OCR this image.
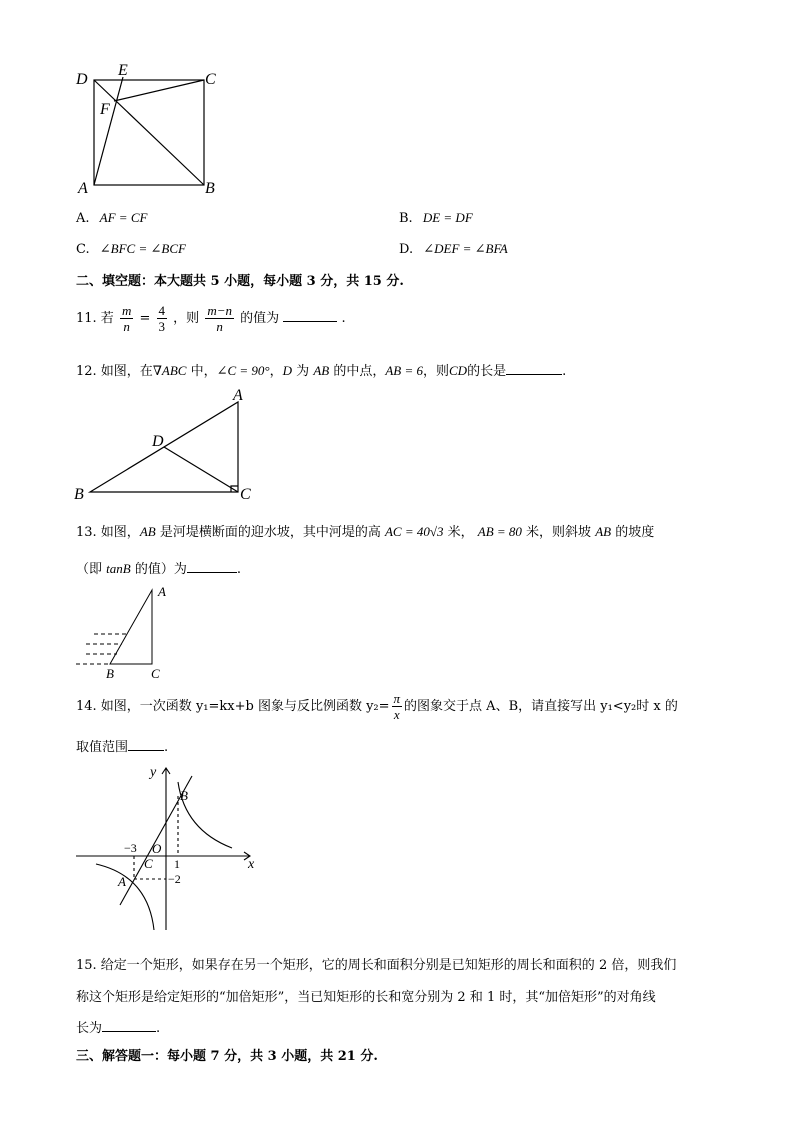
D
E
C
F
A	B
A. AF = CF	B. DE = DF
C. ∠BFC = ∠BCF	D. ∠DEF = ∠BFA
二、填空题：本大题共 5 小题，每小题 3 分，共 15 分.
11. 若 $\frac{m}{n} = \frac{4}{3}$ ，则 $\frac{m-n}{n}$ 的值为	.
12. 如图，在∇ABC 中，∠C = 90°，D 为 AB 的中点，AB = 6，则CD的长是	.
A
D
B	C
13. 如图，AB 是河堤横断面的迎水坡，其中河堤的高 AC = 40√3 米， AB = 80 米，则斜坡 AB 的坡度
（即 tanB 的值）为	.
A
B	C
14. 如图，一次函数 y₁=kx+b 图象与反比例函数 $y_2= \frac{\pi}{x}$ 的图象交于点 A、B，请直接写出 y₁<y₂时 x 的
取值范围	.
y
x
B
O
C
A
−3
1
−2
15. 给定一个矩形，如果存在另一个矩形，它的周长和面积分别是已知矩形的周长和面积的 2 倍，则我们
称这个矩形是给定矩形的“加倍矩形”，当已知矩形的长和宽分别为 2 和 1 时，其“加倍矩形”的对角线
长为	.
三、解答题一：每小题 7 分，共 3 小题，共 21 分.
